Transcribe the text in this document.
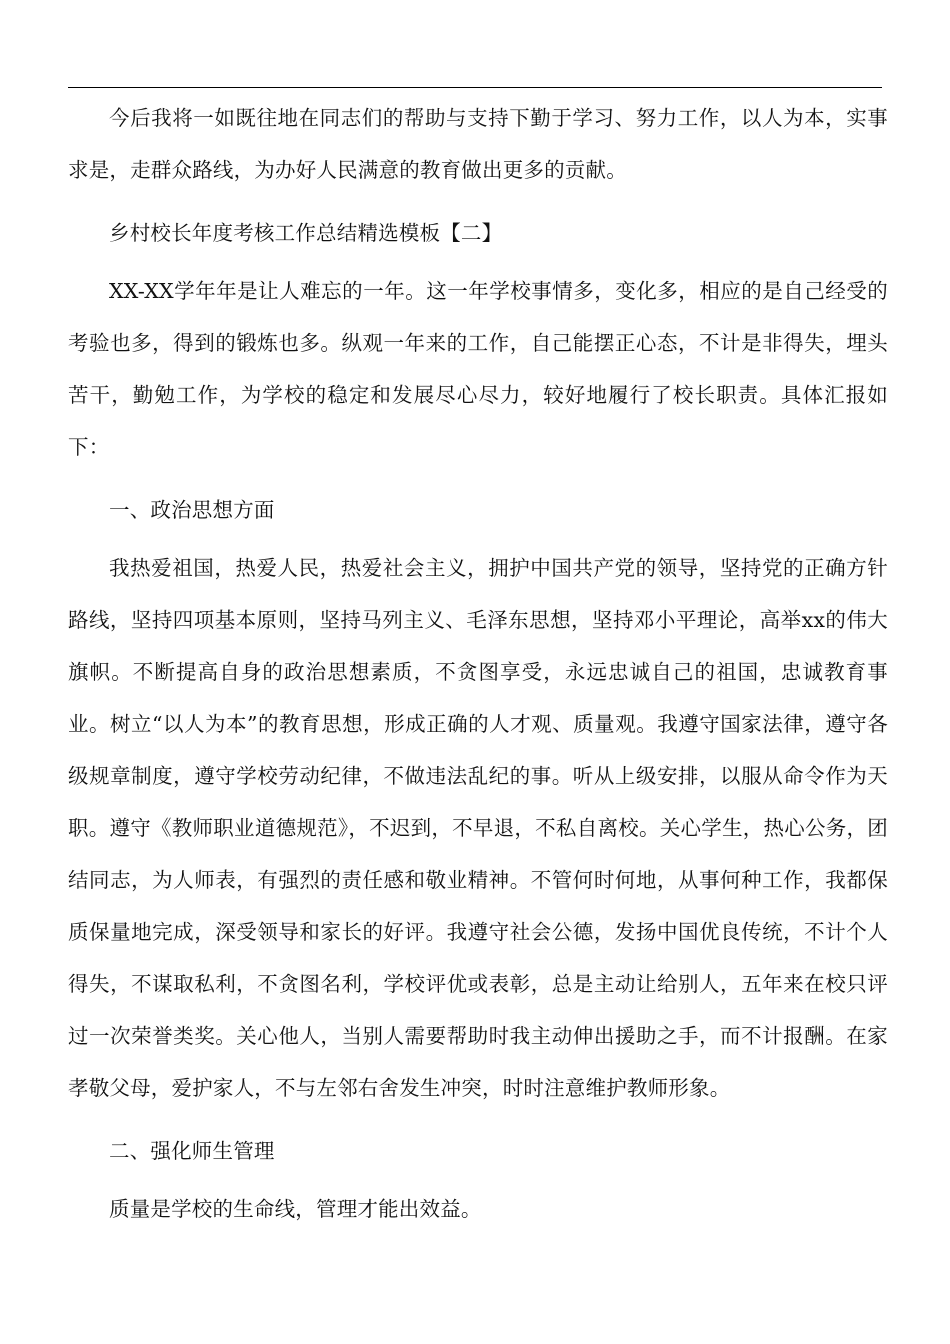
今后我将一如既往地在同志们的帮助与支持下勤于学习、努力工作，以人为本，实事求是，走群众路线，为办好人民满意的教育做出更多的贡献。

乡村校长年度考核工作总结精选模板【二】

XX-XX学年年是让人难忘的一年。这一年学校事情多，变化多，相应的是自己经受的考验也多，得到的锻炼也多。纵观一年来的工作，自己能摆正心态，不计是非得失，埋头苦干，勤勉工作，为学校的稳定和发展尽心尽力，较好地履行了校长职责。具体汇报如下：

一、政治思想方面

我热爱祖国，热爱人民，热爱社会主义，拥护中国共产党的领导，坚持党的正确方针路线，坚持四项基本原则，坚持马列主义、毛泽东思想，坚持邓小平理论，高举xx的伟大旗帜。不断提高自身的政治思想素质，不贪图享受，永远忠诚自己的祖国，忠诚教育事业。树立“以人为本”的教育思想，形成正确的人才观、质量观。我遵守国家法律，遵守各级规章制度，遵守学校劳动纪律，不做违法乱纪的事。听从上级安排，以服从命令作为天职。遵守《教师职业道德规范》，不迟到，不早退，不私自离校。关心学生，热心公务，团结同志，为人师表，有强烈的责任感和敬业精神。不管何时何地，从事何种工作，我都保质保量地完成，深受领导和家长的好评。我遵守社会公德，发扬中国优良传统，不计个人得失，不谋取私利，不贪图名利，学校评优或表彰，总是主动让给别人，五年来在校只评过一次荣誉类奖。关心他人，当别人需要帮助时我主动伸出援助之手，而不计报酬。在家孝敬父母，爱护家人，不与左邻右舍发生冲突，时时注意维护教师形象。

二、强化师生管理

质量是学校的生命线，管理才能出效益。
